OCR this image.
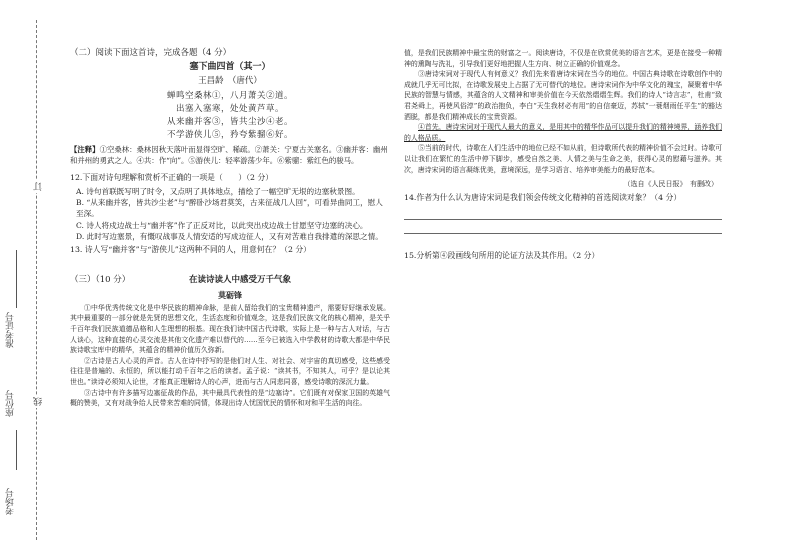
准考证号
座位号
考场号
订
线
（二）阅读下面这首诗，完成各题（4 分）
塞下曲四首（其一）
王昌龄　（唐代）
蝉鸣空桑林①，八月萧关②道。
出塞入塞寒，处处黄芦草。
从来幽并客③，皆共尘沙④老。
不学游侠儿⑤，矜夸紫骝⑥好。
【注释】①空桑林：桑林因秋天落叶而显得空旷、稀疏。②萧关：宁夏古关塞名。③幽并客：幽州和并州的勇武之人。④共：作“向”。⑤游侠儿：轻率游荡少年。⑥紫骝：紫红色的骏马。
12.下面对诗句理解和赏析不正确的一项是（　　）（2 分）
A. 诗句首联既写明了时令，又点明了具体地点，描绘了一幅空旷无垠的边塞秋景图。
B. “从来幽并客，皆共沙尘老”与“醉卧沙场君莫笑，古来征战几人回”，可看异曲同工，慰人至深。
C. 诗人将戍边战士与“幽并客”作了正反对比，以此突出戍边战士甘愿坚守边塞的决心。
D. 此时写边塞景，有慨叹战事及人情安适的写成边征人，又有对苦难自我排遣的深思之情。
13. 诗人写“幽并客”与“游侠儿”这两种不同的人，用意何在？（2 分）
（三）（10 分）	在读诗读人中感受万千气象
莫砺锋

①中华优秀传统文化是中华民族的精神命脉，是前人留给我们的宝贵精神遗产，需要好好继承发展。其中最重要的一部分就是先贤的思想文化，生活态度和价值观念，这是我们民族文化的核心精神，是关乎千百年我们民族道德品格和人生理想的根基。现在我们读中国古代诗歌，实际上是一种与古人对话，与古人谈心，这种直接的心灵交流是其他文化遗产难以替代的……至今已被选入中学教材的诗歌大都是中华民族诗歌宝库中的精华，其蕴含的精神价值历久弥新。

②古诗是古人心灵的声音。古人在诗中抒写的是他们对人生、对社会、对宇宙的真切感受，这些感受往往是普遍的、永恒的，所以能打动千百年之后的读者。孟子说：“读其书，不知其人，可乎？是以论其世也。”读诗必须知人论世，才能真正理解诗人的心声，进而与古人同悲同喜，感受诗歌的深沉力量。

③古诗中有许多描写边塞征战的作品，其中最具代表性的是“边塞诗”。它们既有对保家卫国的英雄气概的赞美，又有对战争给人民带来苦难的同情，体现出诗人忧国忧民的情怀和对和平生活的向往。

值，是我们民族精神中最宝贵的财富之一。阅读唐诗，不仅是在欣赏优美的语言艺术，更是在接受一种精神的熏陶与洗礼，引导我们更好地把握人生方向、树立正确的价值观念。

③唐诗宋词对于现代人有何意义？我们先来看唐诗宋词在当今的地位。中国古典诗歌在诗歌创作中的成就几乎无可比拟，在诗歌发展史上占据了无可替代的地位。唐诗宋词作为中华文化的瑰宝，凝聚着中华民族的智慧与情感，其蕴含的人文精神和审美价值在今天依然熠熠生辉。我们的诗人“诗言志”，杜甫“致君尧舜上，再使风俗淳”的政治抱负，李白“天生我材必有用”的自信豪迈，苏轼“一蓑烟雨任平生”的豁达洒脱，都是我们精神成长的宝贵资源。

④首先，唐诗宋词对于现代人最大的意义，是用其中的精华作品可以提升我们的精神境界，涵养我们的人格品质。

⑤当前的时代，诗歌在人们生活中的地位已经不如从前，但诗歌所代表的精神价值不会过时。诗歌可以让我们在繁忙的生活中停下脚步，感受自然之美、人情之美与生命之美，获得心灵的慰藉与滋养。其次，唐诗宋词的语言凝练优美，意境深远，是学习语言、培养审美能力的最好范本。

（选自《人民日报》　有删改）
14.作者为什么认为唐诗宋词是我们领会传统文化精神的首选阅读对象？（4 分）
15.分析第④段画线句所用的论证方法及其作用。（2 分）
